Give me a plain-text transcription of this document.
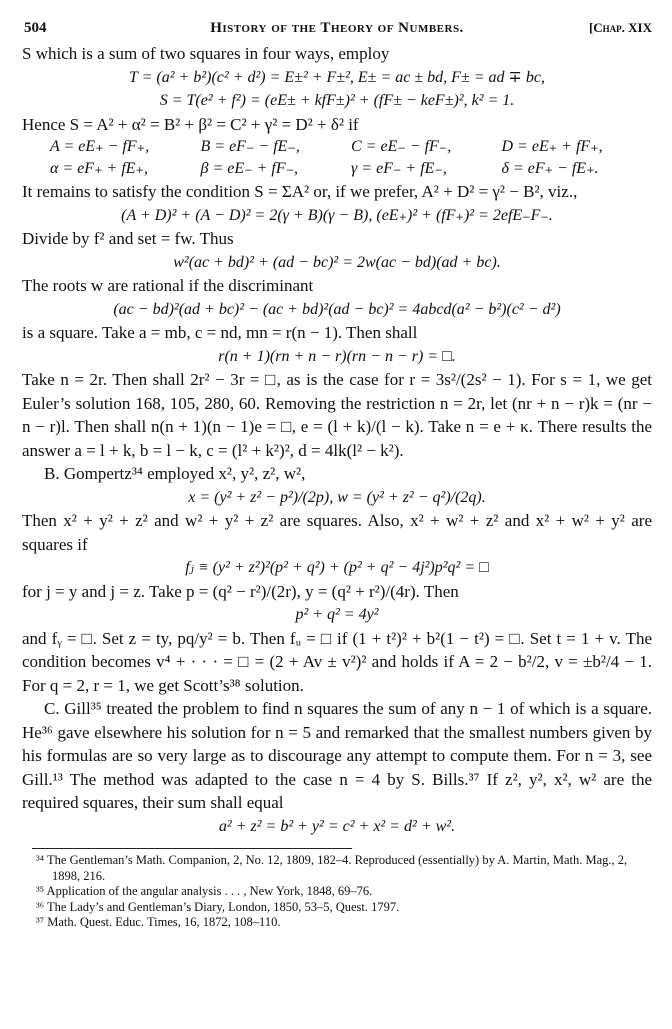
504	History of the Theory of Numbers.	[Chap. XIX

S which is a sum of two squares in four ways, employ

T = (a² + b²)(c² + d²) = E±² + F±², E± = ac ± bd, F± = ad ∓ bc,

S = T(e² + f²) = (eE± + kfF±)² + (fF± − keF±)², k² = 1.

Hence S = A² + α² = B² + β² = C² + γ² = D² + δ² if

A = eE₊ − fF₊,	B = eF₋ − fE₋,	C = eE₋ − fF₋,	D = eE₊ + fF₊,
α = eF₊ + fE₊,	β = eE₋ + fF₋,	γ = eF₋ + fE₋,	δ = eF₊ − fE₊.

It remains to satisfy the condition S = ΣA² or, if we prefer, A² + D² = γ² − B², viz.,

(A + D)² + (A − D)² = 2(γ + B)(γ − B), (eE₊)² + (fF₊)² = 2efE₋F₋.

Divide by f² and set = fw. Thus

w²(ac + bd)² + (ad − bc)² = 2w(ac − bd)(ad + bc).

The roots w are rational if the discriminant

(ac − bd)²(ad + bc)² − (ac + bd)²(ad − bc)² = 4abcd(a² − b²)(c² − d²)

is a square. Take a = mb, c = nd, mn = r(n − 1). Then shall

r(n + 1)(rn + n − r)(rn − n − r) = □.

Take n = 2r. Then shall 2r² − 3r = □, as is the case for r = 3s²/(2s² − 1). For s = 1, we get Euler’s solution 168, 105, 280, 60. Removing the restriction n = 2r, let (nr + n − r)k = (nr − n − r)l. Then shall n(n + 1)(n − 1)e = □, e = (l + k)/(l − k). Take n = e + κ. There results the answer a = l + k, b = l − k, c = (l² + k²)², d = 4lk(l² − k²).

B. Gompertz³⁴ employed x², y², z², w²,

x = (y² + z² − p²)/(2p), w = (y² + z² − q²)/(2q).

Then x² + y² + z² and w² + y² + z² are squares. Also, x² + w² + z² and x² + w² + y² are squares if

fⱼ ≡ (y² + z²)²(p² + q²) + (p² + q² − 4j²)p²q² = □

for j = y and j = z. Take p = (q² − r²)/(2r), y = (q² + r²)/(4r). Then

p² + q² = 4y²

and fᵧ = □. Set z = ty, pq/y² = b. Then fᵤ = □ if (1 + t²)² + b²(1 − t²) = □. Set t = 1 + v. The condition becomes v⁴ + · · · = □ = (2 + Av ± v²)² and holds if A = 2 − b²/2, v = ±b²/4 − 1. For q = 2, r = 1, we get Scott’s³⁸ solution.

C. Gill³⁵ treated the problem to find n squares the sum of any n − 1 of which is a square. He³⁶ gave elsewhere his solution for n = 5 and remarked that the smallest numbers given by his formulas are so very large as to discourage any attempt to compute them. For n = 3, see Gill.¹³ The method was adapted to the case n = 4 by S. Bills.³⁷ If z², y², x², w² are the required squares, their sum shall equal

a² + z² = b² + y² = c² + x² = d² + w².

³⁴ The Gentleman’s Math. Companion, 2, No. 12, 1809, 182–4. Reproduced (essentially) by A. Martin, Math. Mag., 2, 1898, 216.

³⁵ Application of the angular analysis . . . , New York, 1848, 69–76.

³⁶ The Lady’s and Gentleman’s Diary, London, 1850, 53–5, Quest. 1797.

³⁷ Math. Quest. Educ. Times, 16, 1872, 108–110.
